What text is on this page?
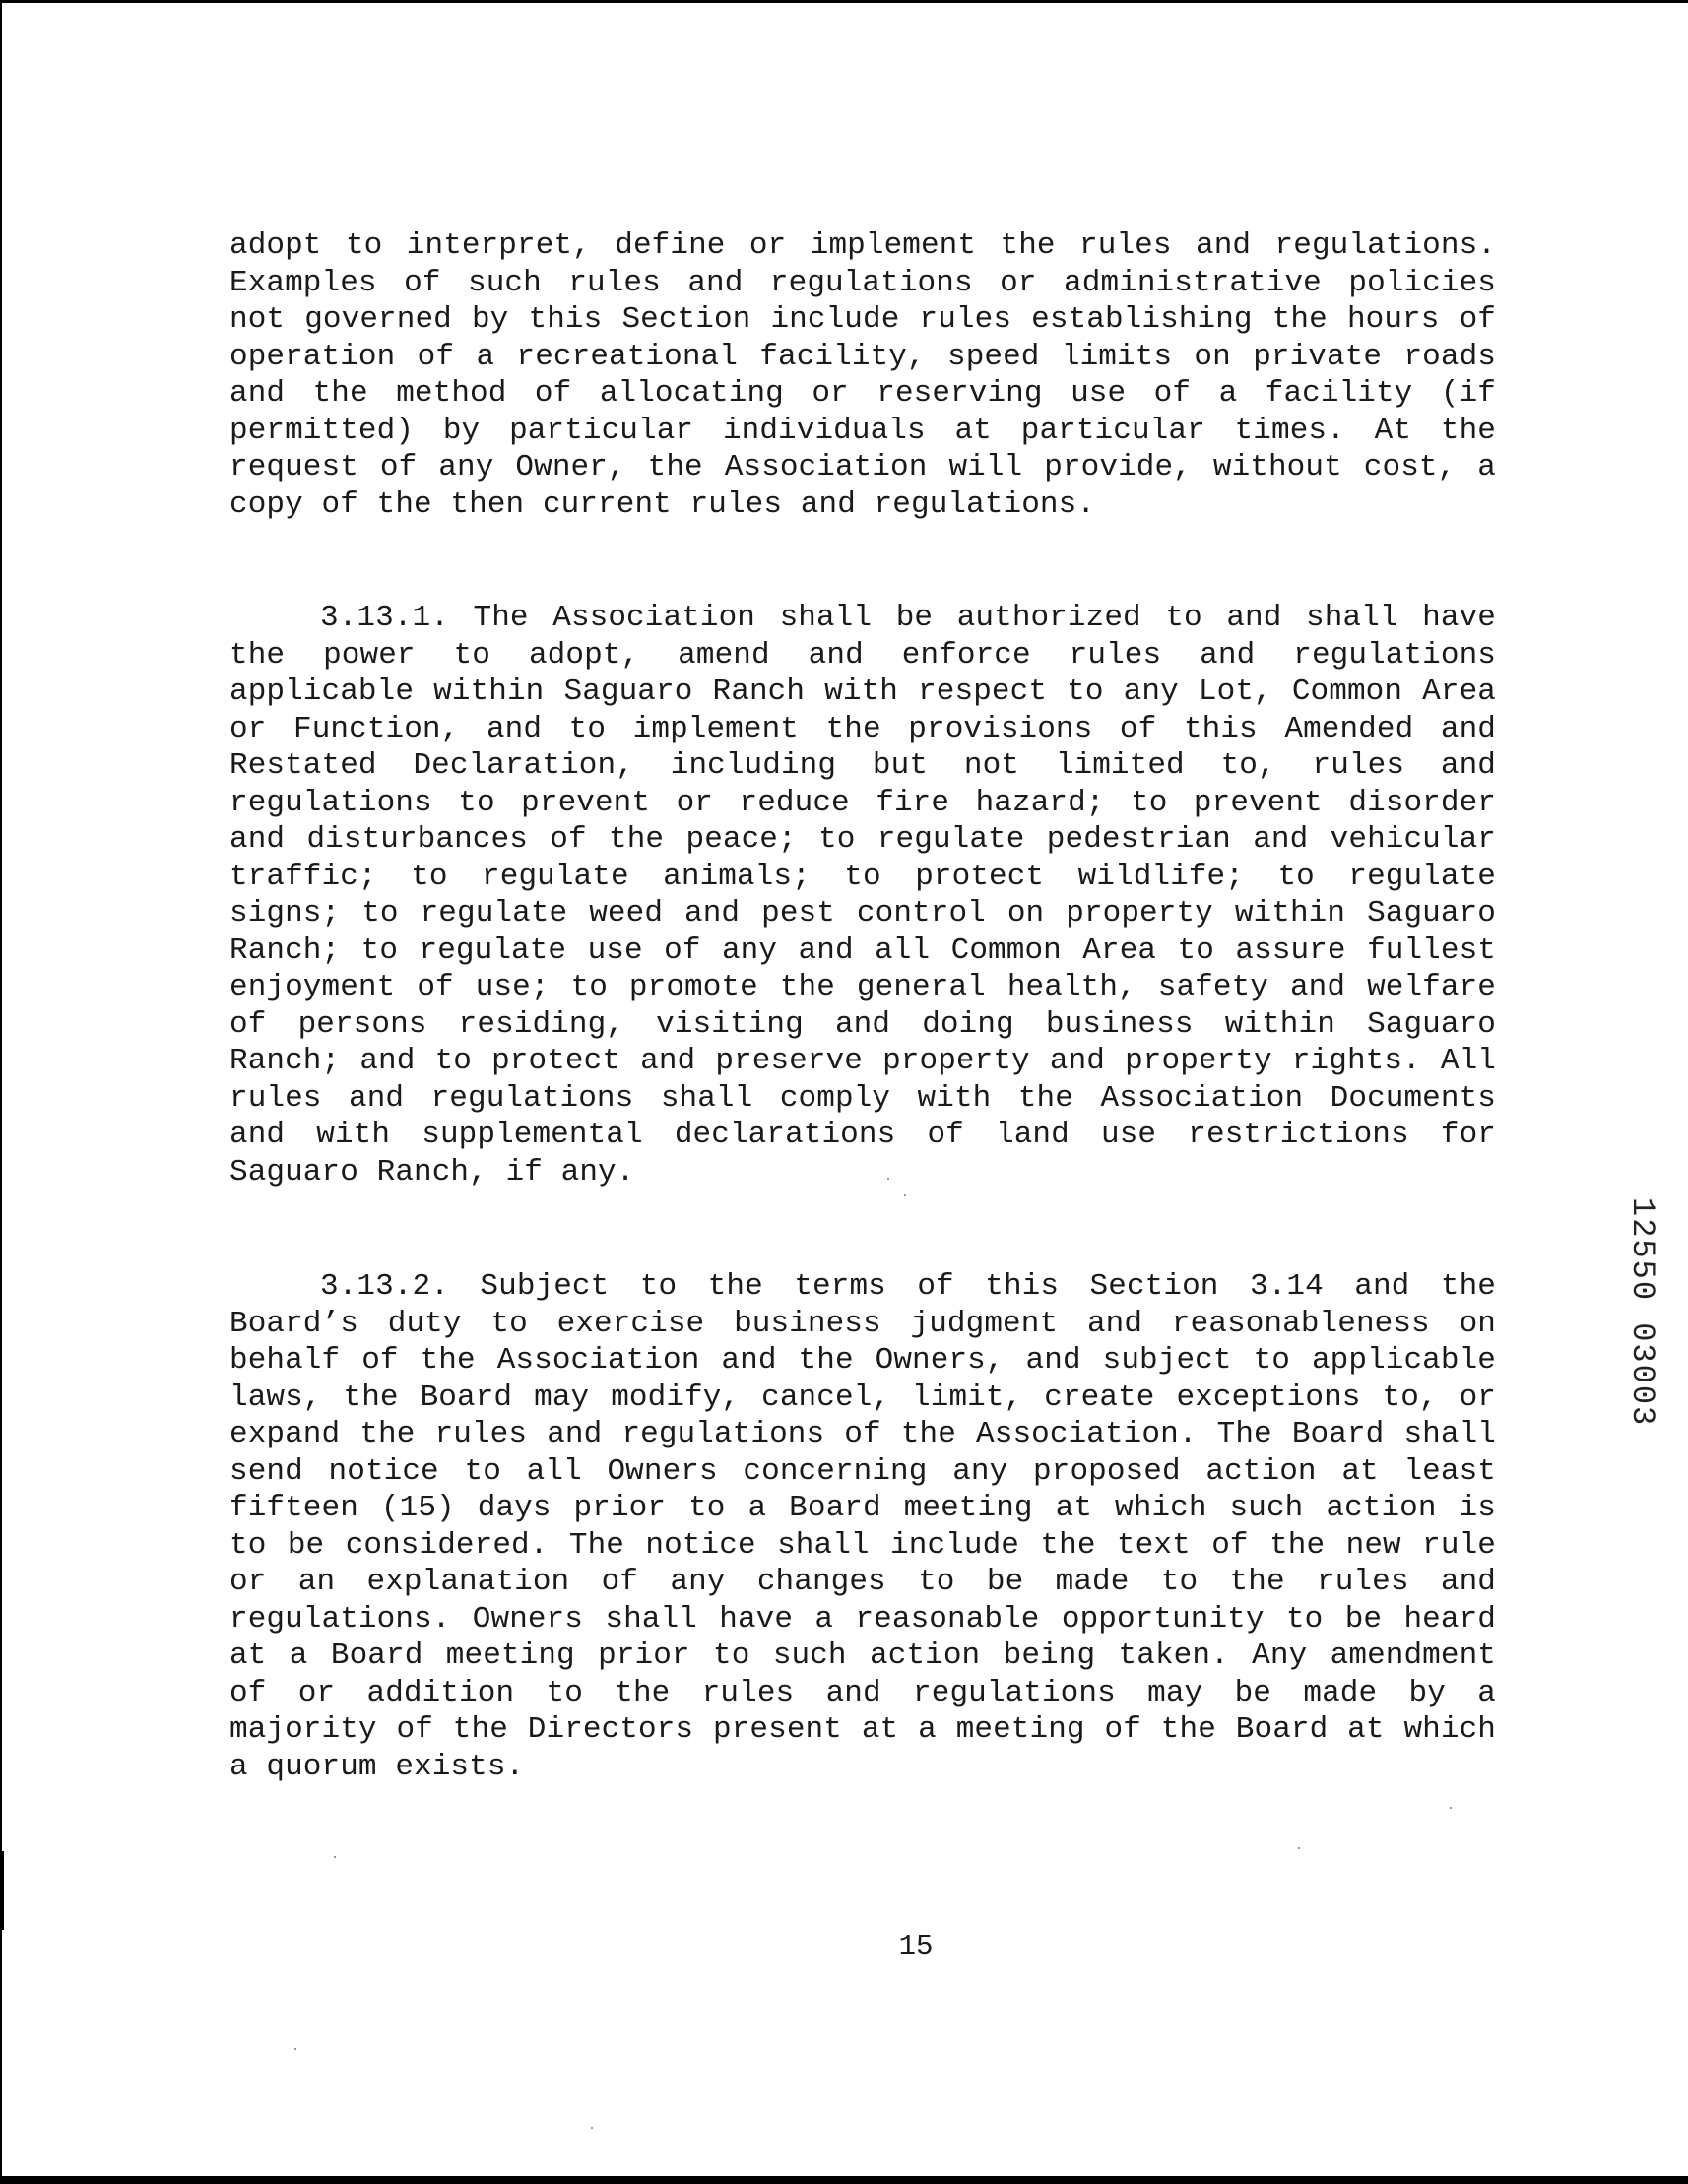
adopt to interpret, define or implement the rules and regulations. Examples of such rules and regulations or administrative policies not governed by this Section include rules establishing the hours of operation of a recreational facility, speed limits on private roads and the method of allocating or reserving use of a facility (if permitted) by particular individuals at particular times. At the request of any Owner, the Association will provide, without cost, a copy of the then current rules and regulations.

3.13.1. The Association shall be authorized to and shall have the power to adopt, amend and enforce rules and regulations applicable within Saguaro Ranch with respect to any Lot, Common Area or Function, and to implement the provisions of this Amended and Restated Declaration, including but not limited to, rules and regulations to prevent or reduce fire hazard; to prevent disorder and disturbances of the peace; to regulate pedestrian and vehicular traffic; to regulate animals; to protect wildlife; to regulate signs; to regulate weed and pest control on property within Saguaro Ranch; to regulate use of any and all Common Area to assure fullest enjoyment of use; to promote the general health, safety and welfare of persons residing, visiting and doing business within Saguaro Ranch; and to protect and preserve property and property rights. All rules and regulations shall comply with the Association Documents and with supplemental declarations of land use restrictions for Saguaro Ranch, if any.

3.13.2. Subject to the terms of this Section 3.14 and the Board’s duty to exercise business judgment and reasonableness on behalf of the Association and the Owners, and subject to applicable laws, the Board may modify, cancel, limit, create exceptions to, or expand the rules and regulations of the Association. The Board shall send notice to all Owners concerning any proposed action at least fifteen (15) days prior to a Board meeting at which such action is to be considered. The notice shall include the text of the new rule or an explanation of any changes to be made to the rules and regulations. Owners shall have a reasonable opportunity to be heard at a Board meeting prior to such action being taken. Any amendment of or addition to the rules and regulations may be made by a majority of the Directors present at a meeting of the Board at which a quorum exists.

15
12550 03003
